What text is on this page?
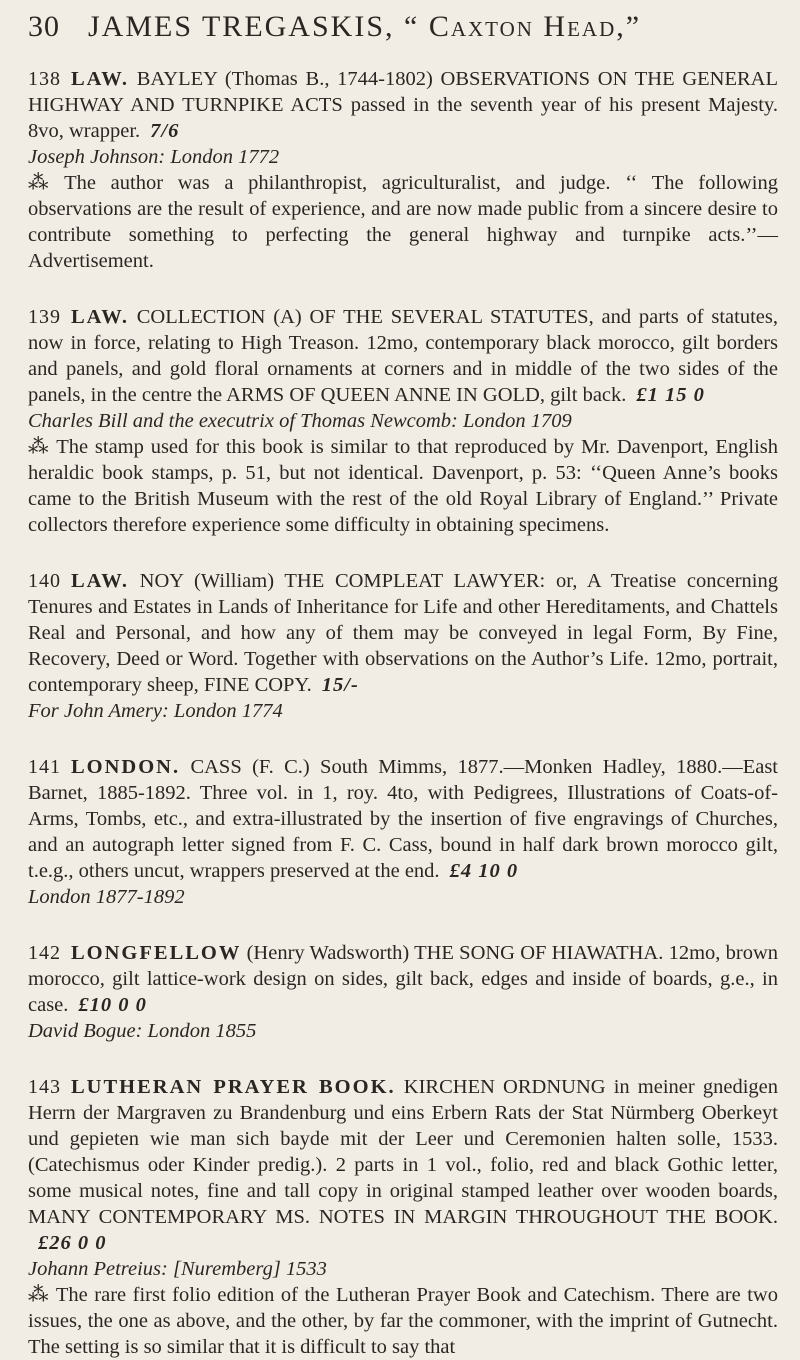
30 JAMES TREGASKIS, “ Caxton Head,”

138 LAW. BAYLEY (Thomas B., 1744-1802) OBSERVATIONS ON THE GENERAL HIGHWAY AND TURNPIKE ACTS passed in the seventh year of his present Majesty. 8vo, wrapper. 7/6

Joseph Johnson: London 1772

⁂ The author was a philanthropist, agriculturalist, and judge. ‘‘ The following observations are the result of experience, and are now made public from a sincere desire to contribute something to perfecting the general highway and turnpike acts.’’—Advertisement.

139 LAW. COLLECTION (A) OF THE SEVERAL STATUTES, and parts of statutes, now in force, relating to High Treason. 12mo, contemporary black morocco, gilt borders and panels, and gold floral ornaments at corners and in middle of the two sides of the panels, in the centre the ARMS OF QUEEN ANNE IN GOLD, gilt back. £1 15 0

Charles Bill and the executrix of Thomas Newcomb: London 1709

⁂ The stamp used for this book is similar to that reproduced by Mr. Davenport, English heraldic book stamps, p. 51, but not identical. Davenport, p. 53: ‘‘Queen Anne’s books came to the British Museum with the rest of the old Royal Library of England.’’ Private collectors therefore experience some difficulty in obtaining specimens.

140 LAW. NOY (William) THE COMPLEAT LAWYER: or, A Treatise concerning Tenures and Estates in Lands of Inheritance for Life and other Hereditaments, and Chattels Real and Personal, and how any of them may be conveyed in legal Form, By Fine, Recovery, Deed or Word. Together with observations on the Author’s Life. 12mo, portrait, contemporary sheep, FINE COPY. 15/-

For John Amery: London 1774

141 LONDON. CASS (F. C.) South Mimms, 1877.—Monken Hadley, 1880.—East Barnet, 1885-1892. Three vol. in 1, roy. 4to, with Pedigrees, Illustrations of Coats-of-Arms, Tombs, etc., and extra-illustrated by the insertion of five engravings of Churches, and an autograph letter signed from F. C. Cass, bound in half dark brown morocco gilt, t.e.g., others uncut, wrappers preserved at the end. £4 10 0

London 1877-1892

142 LONGFELLOW (Henry Wadsworth) THE SONG OF HIAWATHA. 12mo, brown morocco, gilt lattice-work design on sides, gilt back, edges and inside of boards, g.e., in case. £10 0 0

David Bogue: London 1855

143 LUTHERAN PRAYER BOOK. KIRCHEN ORDNUNG in meiner gnedigen Herrn der Margraven zu Brandenburg und eins Erbern Rats der Stat Nürmberg Oberkeyt und gepieten wie man sich bayde mit der Leer und Ceremonien halten solle, 1533. (Catechismus oder Kinder predig.). 2 parts in 1 vol., folio, red and black Gothic letter, some musical notes, fine and tall copy in original stamped leather over wooden boards, MANY CONTEMPORARY MS. NOTES IN MARGIN THROUGHOUT THE BOOK.£26 0 0

Johann Petreius: [Nuremberg] 1533

⁂ The rare first folio edition of the Lutheran Prayer Book and Catechism. There are two issues, the one as above, and the other, by far the commoner, with the imprint of Gutnecht. The setting is so similar that it is difficult to say that
